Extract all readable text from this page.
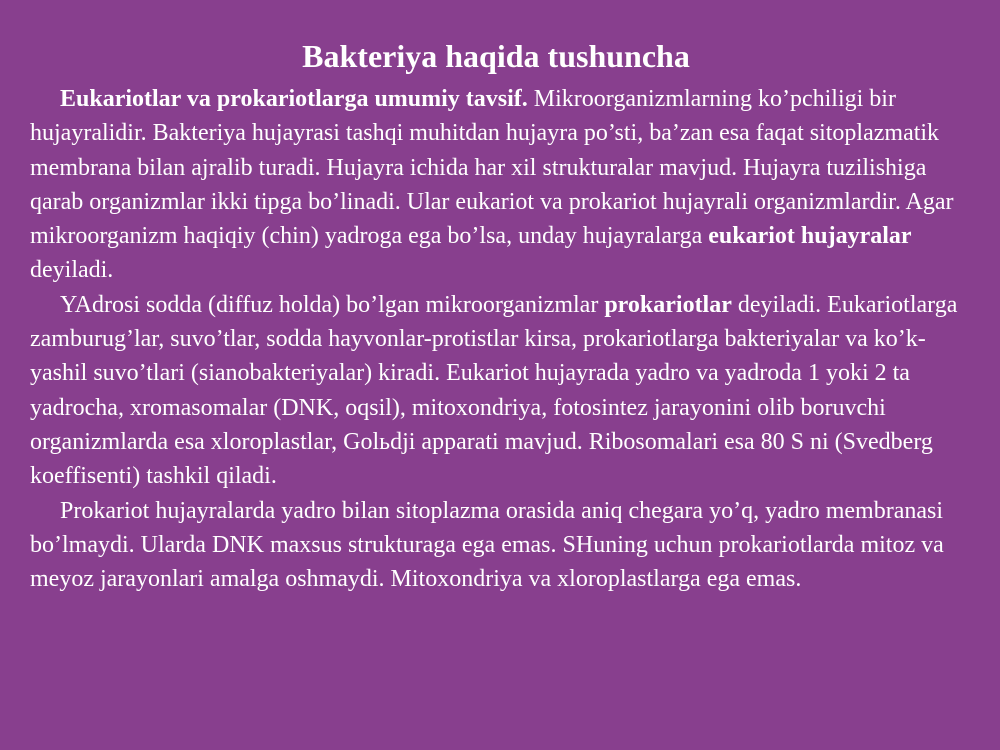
Bakteriya haqida tushuncha

Eukariotlar va prokariotlarga umumiy tavsif. Mikroorganizmlarning ko’pchiligi bir hujayralidir. Bakteriya hujayrasi tashqi muhitdan hujayra po’sti, ba’zan esa faqat sitoplazmatik membrana bilan ajralib turadi. Hujayra ichida har xil strukturalar mavjud. Hujayra tuzilishiga qarab organizmlar ikki tipga bo’linadi. Ular eukariot va prokariot hujayrali organizmlardir. Agar mikroorganizm haqiqiy (chin) yadroga ega bo’lsa, unday hujayralarga eukariot hujayralar deyiladi.

YAdrosi sodda (diffuz holda) bo’lgan mikroorganizmlar prokariotlar deyiladi. Eukariotlarga zamburug’lar, suvo’tlar, sodda hayvonlar-protistlar kirsa, prokariotlarga bakteriyalar va ko’k-yashil suvo’tlari (sianobakteriyalar) kiradi. Eukariot hujayrada yadro va yadroda 1 yoki 2 ta yadrocha, xromasomalar (DNK, oqsil), mitoxondriya, fotosintez jarayonini olib boruvchi organizmlarda esa xloroplastlar, Golьdji apparati mavjud. Ribosomalari esa 80 S ni (Svedberg koeffisenti) tashkil qiladi.

Prokariot hujayralarda yadro bilan sitoplazma orasida aniq chegara yo’q, yadro membranasi bo’lmaydi. Ularda DNK maxsus strukturaga ega emas. SHuning uchun prokariotlarda mitoz va meyoz jarayonlari amalga oshmaydi. Mitoxondriya va xloroplastlarga ega emas.
